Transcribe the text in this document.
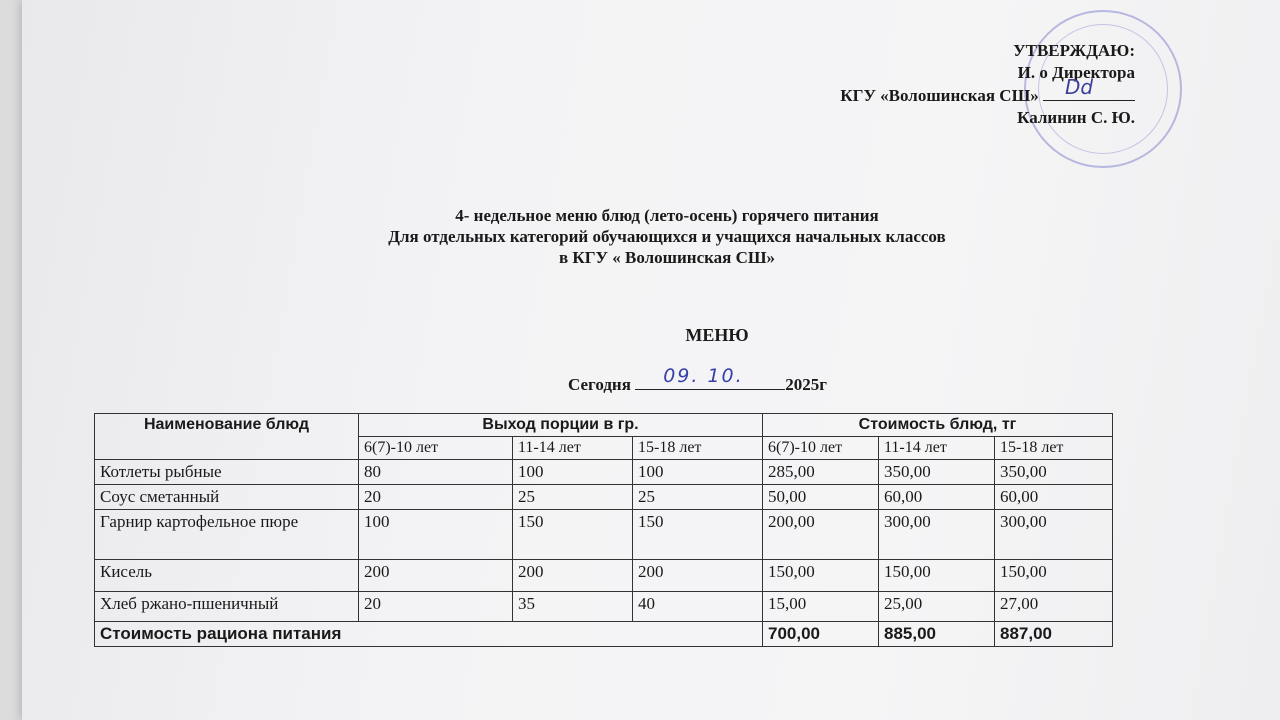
УТВЕРЖДАЮ:
И. о Директора
КГУ «Волошинская СШ» Dd
Калинин С. Ю.
4- недельное меню блюд (лето-осень) горячего питания
Для отдельных категорий обучающихся и учащихся начальных классов
в КГУ « Волошинская СШ»
МЕНЮ
Сегодня 09. 10. 2025г
Наименование блюд	Выход порции в гр.			Стоимость блюд, тг		
	6(7)-10 лет	11-14 лет	15-18 лет	6(7)-10 лет	11-14 лет	15-18 лет
Котлеты рыбные	80	100	100	285,00	350,00	350,00
Соус сметанный	20	25	25	50,00	60,00	60,00
Гарнир картофельное пюре	100	150	150	200,00	300,00	300,00
Кисель	200	200	200	150,00	150,00	150,00
Хлеб ржано-пшеничный	20	35	40	15,00	25,00	27,00
Стоимость рациона питания				700,00	885,00	887,00
